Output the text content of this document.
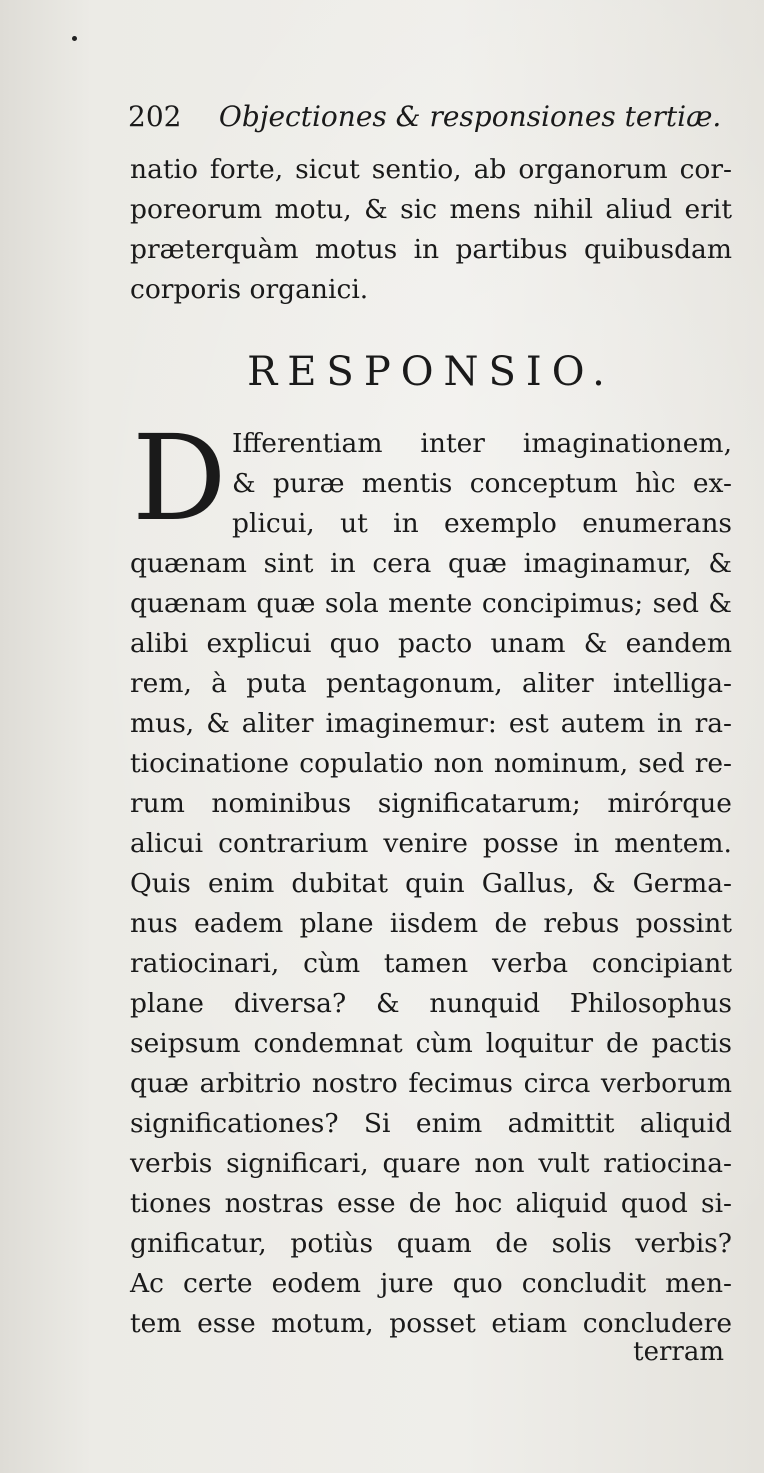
202 Objectiones & responsiones tertiæ.
natio forte, sicut sentio, ab organorum cor-
poreorum motu, & sic mens nihil aliud erit
præterquàm motus in partibus quibusdam
corporis organici.
RESPONSIO.
D Ifferentiam inter imaginationem,
& puræ mentis conceptum hìc ex-
plicui, ut in exemplo enumerans
quænam sint in cera quæ imaginamur, &
quænam quæ sola mente concipimus; sed &
alibi explicui quo pacto unam & eandem
rem, à puta pentagonum, aliter intelliga-
mus, & aliter imaginemur: est autem in ra-
tiocinatione copulatio non nominum, sed re-
rum nominibus significatarum; mirórque
alicui contrarium venire posse in mentem.
Quis enim dubitat quin Gallus, & Germa-
nus eadem plane iisdem de rebus possint
ratiocinari, cùm tamen verba concipiant
plane diversa? & nunquid Philosophus
seipsum condemnat cùm loquitur de pactis
quæ arbitrio nostro fecimus circa verborum
significationes? Si enim admittit aliquid
verbis significari, quare non vult ratiocina-
tiones nostras esse de hoc aliquid quod si-
gnificatur, potiùs quam de solis verbis?
Ac certe eodem jure quo concludit men-
tem esse motum, posset etiam concludere
terram
